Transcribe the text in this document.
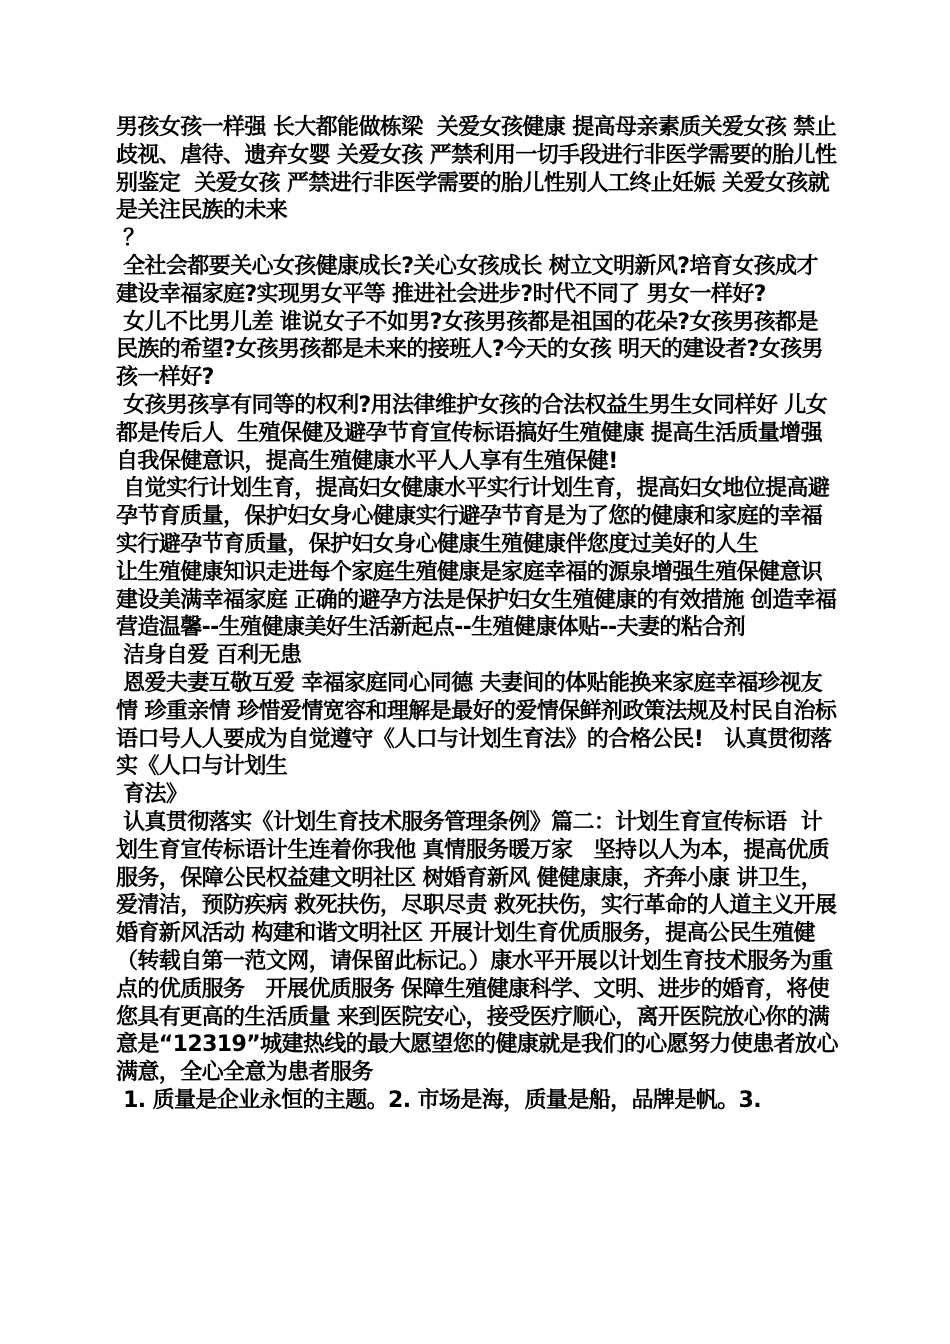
男孩女孩一样强 长大都能做栋梁  关爱女孩健康 提高母亲素质关爱女孩 禁止歧视、虐待、遗弃女婴 关爱女孩 严禁利用一切手段进行非医学需要的胎儿性别鉴定  关爱女孩 严禁进行非医学需要的胎儿性别人工终止妊娠 关爱女孩就是关注民族的未来

？

全社会都要关心女孩健康成长?关心女孩成长 树立文明新风?培育女孩成才 建设幸福家庭?实现男女平等 推进社会进步?时代不同了 男女一样好?

女儿不比男儿差 谁说女子不如男?女孩男孩都是祖国的花朵?女孩男孩都是民族的希望?女孩男孩都是未来的接班人?今天的女孩 明天的建设者?女孩男孩一样好?

女孩男孩享有同等的权利?用法律维护女孩的合法权益生男生女同样好 儿女都是传后人  生殖保健及避孕节育宣传标语搞好生殖健康 提高生活质量增强自我保健意识，提高生殖健康水平人人享有生殖保健!

自觉实行计划生育，提高妇女健康水平实行计划生育，提高妇女地位提高避孕节育质量，保护妇女身心健康实行避孕节育是为了您的健康和家庭的幸福  实行避孕节育质量，保护妇女身心健康生殖健康伴您度过美好的人生

让生殖健康知识走进每个家庭生殖健康是家庭幸福的源泉增强生殖保健意识 建设美满幸福家庭 正确的避孕方法是保护妇女生殖健康的有效措施 创造幸福 营造温馨--生殖健康美好生活新起点--生殖健康体贴--夫妻的粘合剂

洁身自爱 百利无患

恩爱夫妻互敬互爱 幸福家庭同心同德 夫妻间的体贴能换来家庭幸福珍视友情 珍重亲情 珍惜爱情宽容和理解是最好的爱情保鲜剂政策法规及村民自治标语口号人人要成为自觉遵守《人口与计划生育法》的合格公民!   认真贯彻落实《人口与计划生

育法》

认真贯彻落实《计划生育技术服务管理条例》篇二：计划生育宣传标语  计划生育宣传标语计生连着你我他 真情服务暖万家   坚持以人为本，提高优质服务，保障公民权益建文明社区 树婚育新风 健健康康，齐奔小康 讲卫生，爱清洁，预防疾病 救死扶伤，尽职尽责 救死扶伤，实行革命的人道主义开展婚育新风活动 构建和谐文明社区 开展计划生育优质服务，提高公民生殖健（转载自第一范文网，请保留此标记。）康水平开展以计划生育技术服务为重点的优质服务   开展优质服务 保障生殖健康科学、文明、进步的婚育，将使您具有更高的生活质量 来到医院安心，接受医疗顺心，离开医院放心你的满意是“12319”城建热线的最大愿望您的健康就是我们的心愿努力使患者放心满意，全心全意为患者服务

1. 质量是企业永恒的主题。2. 市场是海，质量是船，品牌是帆。3.
